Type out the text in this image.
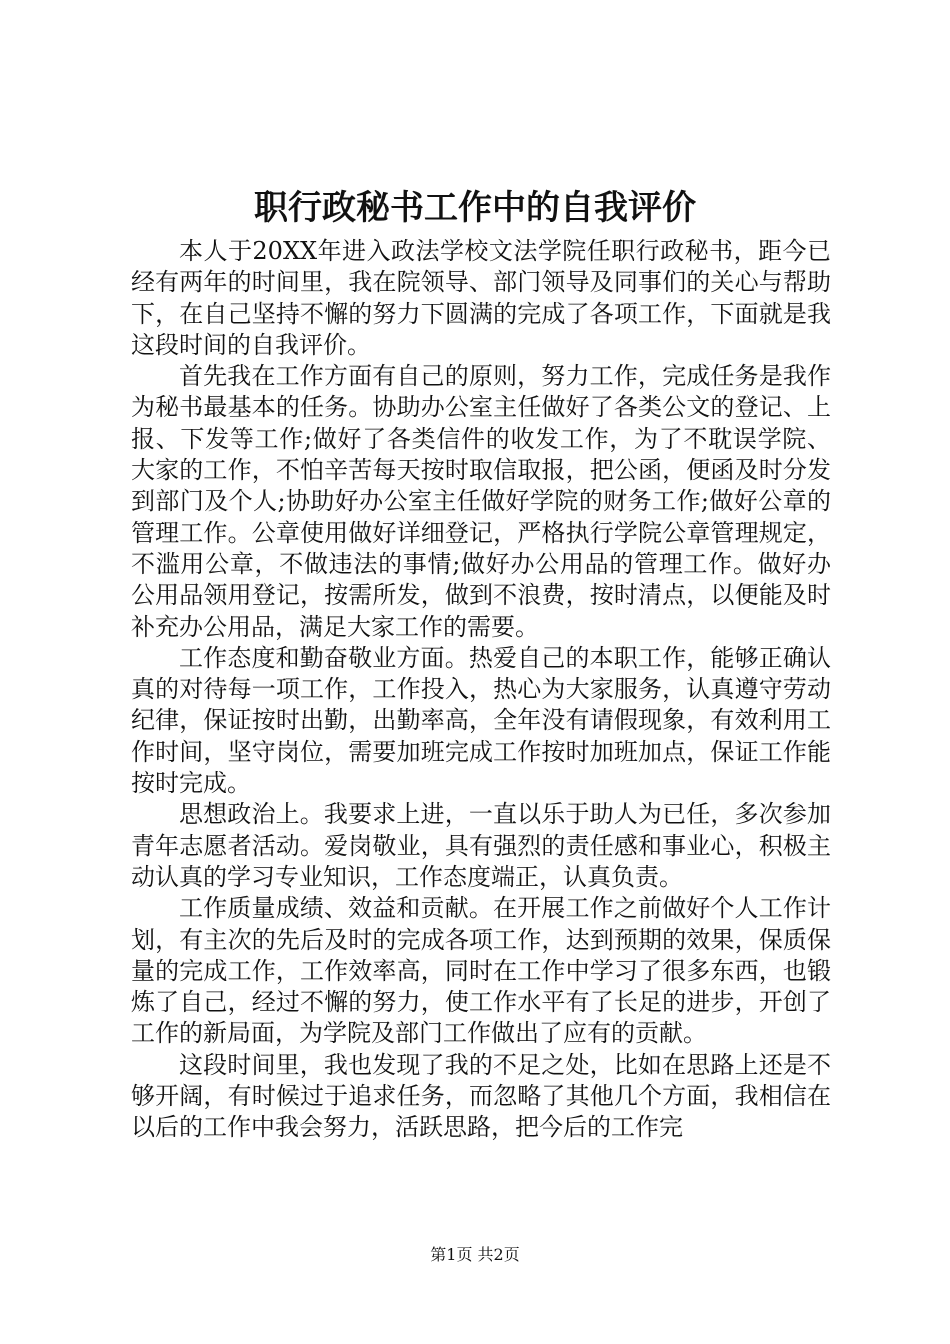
职行政秘书工作中的自我评价

本人于20XX年进入政法学校文法学院任职行政秘书，距今已经有两年的时间里，我在院领导、部门领导及同事们的关心与帮助下，在自己坚持不懈的努力下圆满的完成了各项工作，下面就是我这段时间的自我评价。

首先我在工作方面有自己的原则，努力工作，完成任务是我作为秘书最基本的任务。协助办公室主任做好了各类公文的登记、上报、下发等工作;做好了各类信件的收发工作，为了不耽误学院、大家的工作，不怕辛苦每天按时取信取报，把公函，便函及时分发到部门及个人;协助好办公室主任做好学院的财务工作;做好公章的管理工作。公章使用做好详细登记，严格执行学院公章管理规定，不滥用公章，不做违法的事情;做好办公用品的管理工作。做好办公用品领用登记，按需所发，做到不浪费，按时清点，以便能及时补充办公用品，满足大家工作的需要。

工作态度和勤奋敬业方面。热爱自己的本职工作，能够正确认真的对待每一项工作，工作投入，热心为大家服务，认真遵守劳动纪律，保证按时出勤，出勤率高，全年没有请假现象，有效利用工作时间，坚守岗位，需要加班完成工作按时加班加点，保证工作能按时完成。

思想政治上。我要求上进，一直以乐于助人为已任，多次参加青年志愿者活动。爱岗敬业，具有强烈的责任感和事业心，积极主动认真的学习专业知识，工作态度端正，认真负责。

工作质量成绩、效益和贡献。在开展工作之前做好个人工作计划，有主次的先后及时的完成各项工作，达到预期的效果，保质保量的完成工作，工作效率高，同时在工作中学习了很多东西，也锻炼了自己，经过不懈的努力，使工作水平有了长足的进步，开创了工作的新局面，为学院及部门工作做出了应有的贡献。

这段时间里，我也发现了我的不足之处，比如在思路上还是不够开阔，有时候过于追求任务，而忽略了其他几个方面，我相信在以后的工作中我会努力，活跃思路，把今后的工作完

第1页 共2页
